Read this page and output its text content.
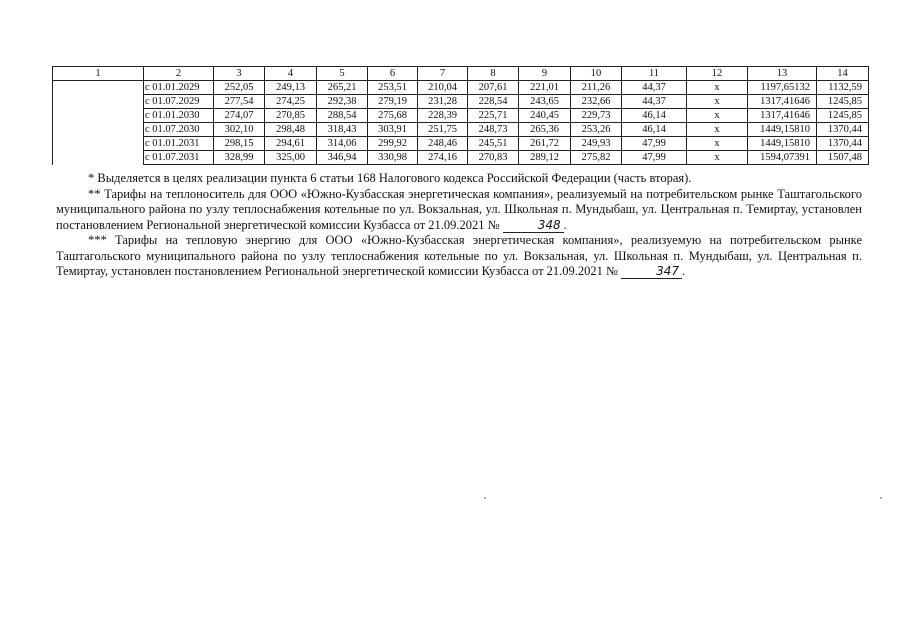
1	2	3	4	5	6	7	8	9	10	11	12	13	14
	с 01.01.2029	252,05	249,13	265,21	253,51	210,04	207,61	221,01	211,26	44,37	х	1197,65132	1132,59
	с 01.07.2029	277,54	274,25	292,38	279,19	231,28	228,54	243,65	232,66	44,37	х	1317,41646	1245,85
	с 01.01.2030	274,07	270,85	288,54	275,68	228,39	225,71	240,45	229,73	46,14	х	1317,41646	1245,85
	с 01.07.2030	302,10	298,48	318,43	303,91	251,75	248,73	265,36	253,26	46,14	х	1449,15810	1370,44
	с 01.01.2031	298,15	294,61	314,06	299,92	248,46	245,51	261,72	249,93	47,99	х	1449,15810	1370,44
	с 01.07.2031	328,99	325,00	346,94	330,98	274,16	270,83	289,12	275,82	47,99	х	1594,07391	1507,48

* Выделяется в целях реализации пункта 6 статьи 168 Налогового кодекса Российской Федерации (часть вторая).

** Тарифы на теплоноситель для ООО «Южно-Кузбасская энергетическая компания», реализуемый на потребительском рынке Таштагольского муниципального района по узлу теплоснабжения котельные по ул. Вокзальная, ул. Школьная п. Мундыбаш, ул. Центральная п. Темиртау, установлен постановлением Региональной энергетической комиссии Кузбасса от 21.09.2021 №	348 .

*** Тарифы на тепловую энергию для ООО «Южно-Кузбасская энергетическая компания», реализуемую на потребительском рынке Таштагольского муниципального района по узлу теплоснабжения котельные по ул. Вокзальная, ул. Школьная п. Мундыбаш, ул. Центральная п. Темиртау, установлен постановлением Региональной энергетической комиссии Кузбасса от 21.09.2021 №	347 .
